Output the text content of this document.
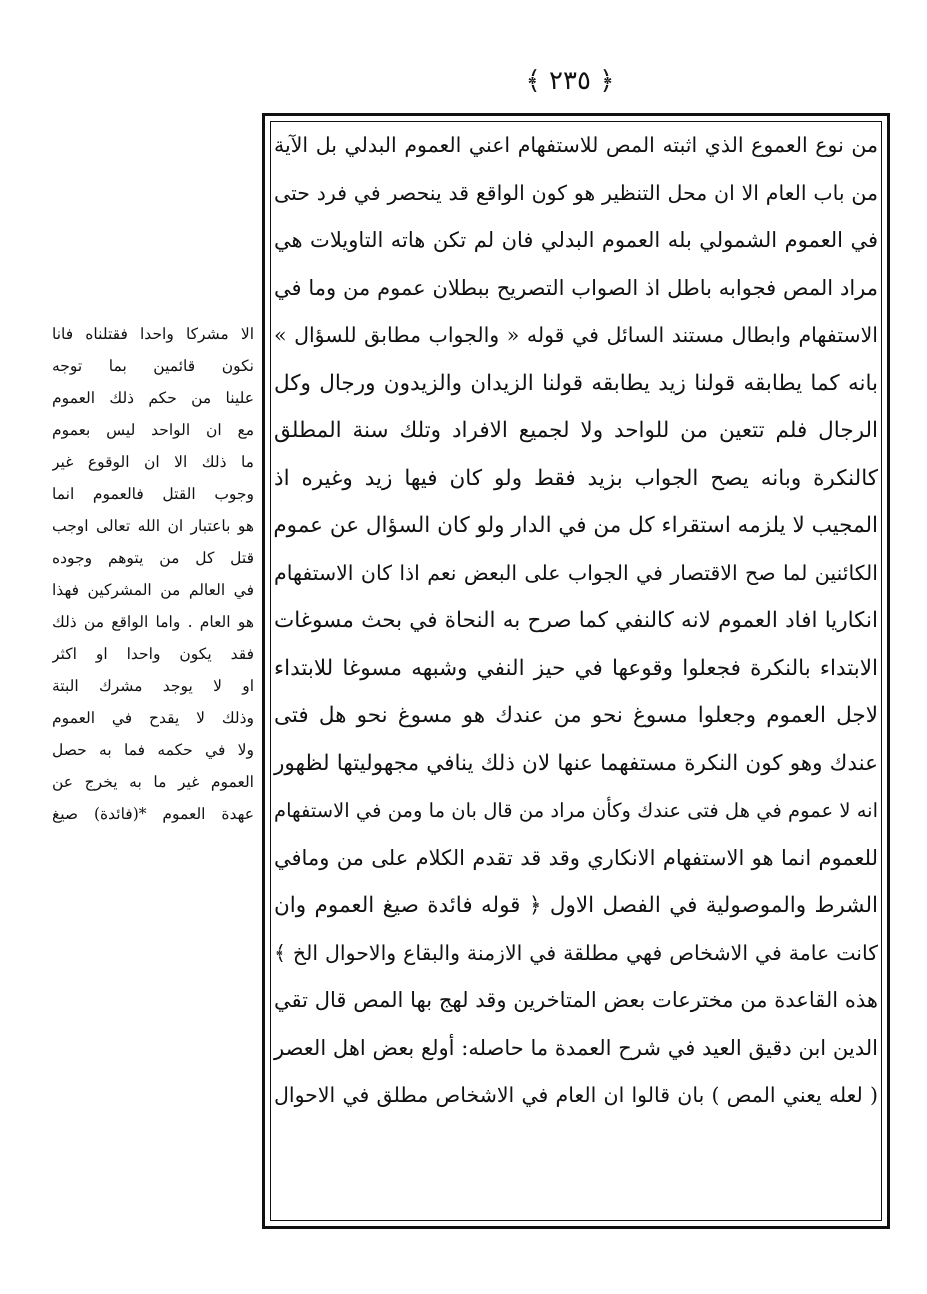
﴿ ٢٣٥ ﴾
من نوع العموع الذي اثبته المص للاستفهام اعني العموم البدلي بل الآية
من باب العام الا ان محل التنظير هو كون الواقع قد ينحصر في فرد حتى
في العموم الشمولي بله العموم البدلي فان لم تكن هاته التاويلات هي
مراد المص فجوابه باطل اذ الصواب التصريح ببطلان عموم من وما في
الاستفهام وابطال مستند السائل في قوله « والجواب مطابق للسؤال »
بانه كما يطابقه قولنا زيد يطابقه قولنا الزيدان والزيدون ورجال وكل
الرجال فلم تتعين من للواحد ولا لجميع الافراد وتلك سنة المطلق
كالنكرة وبانه يصح الجواب بزيد فقط ولو كان فيها زيد وغيره اذ
المجيب لا يلزمه استقراء كل من في الدار ولو كان السؤال عن عموم
الكائنين لما صح الاقتصار في الجواب على البعض نعم اذا كان الاستفهام
انكاريا افاد العموم لانه كالنفي كما صرح به النحاة في بحث مسوغات
الابتداء بالنكرة فجعلوا وقوعها في حيز النفي وشبهه مسوغا للابتداء
لاجل العموم وجعلوا مسوغ نحو من عندك هو مسوغ نحو هل فتى
عندك وهو كون النكرة مستفهما عنها لان ذلك ينافي مجهوليتها لظهور
انه لا عموم في هل فتى عندك وكأن مراد من قال بان ما ومن في الاستفهام
للعموم انما هو الاستفهام الانكاري وقد قد تقدم الكلام على من ومافي
الشرط والموصولية في الفصل الاول ﴿ قوله فائدة صيغ العموم وان
كانت عامة في الاشخاص فهي مطلقة في الازمنة والبقاع والاحوال الخ ﴾
هذه القاعدة من مخترعات بعض المتاخرين وقد لهج بها المص قال تقي
الدين ابن دقيق العيد في شرح العمدة ما حاصله: أولع بعض اهل العصر
( لعله يعني المص ) بان قالوا ان العام في الاشخاص مطلق في الاحوال
الا مشركا واحدا فقتلناه فانا
نكون قائمين بما توجه
علينا من حكم ذلك العموم
مع ان الواحد ليس بعموم
ما ذلك الا ان الوقوع غير
وجوب القتل فالعموم انما
هو باعتبار ان الله تعالى اوجب
قتل كل من يتوهم وجوده
في العالم من المشركين فهذا
هو العام . واما الواقع من ذلك
فقد يكون واحدا او اكثر
او لا يوجد مشرك البتة
وذلك لا يقدح في العموم
ولا في حكمه فما به حصل
العموم غير ما به يخرج عن
عهدة العموم *(فائدة) صيغ
